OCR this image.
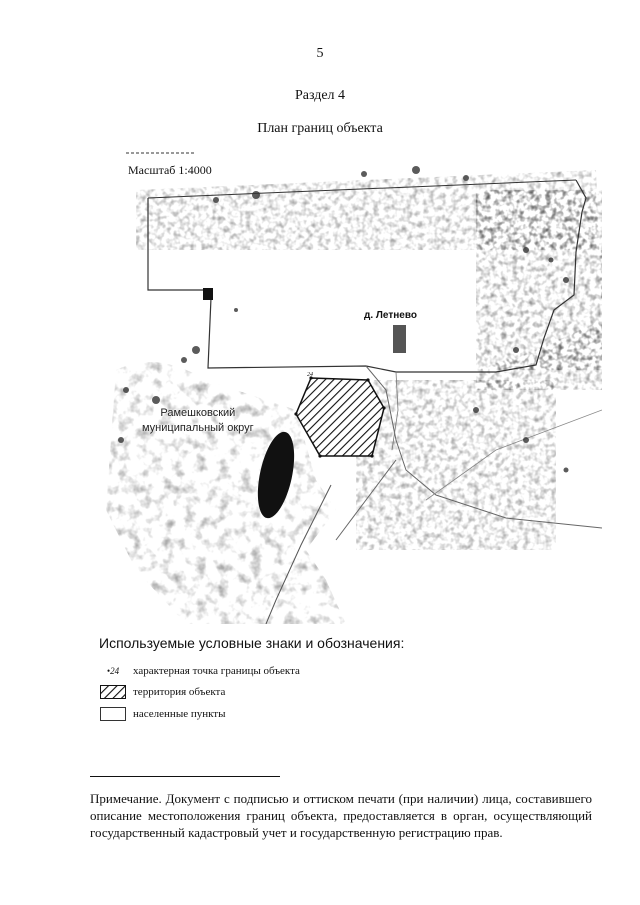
5
Раздел 4
План границ объекта
24
Масштаб 1:4000
д. Летнево
Рамешковский
муниципальный округ
Используемые условные знаки и обозначения:
•24 характерная точка границы объекта
территория объекта
населенные пункты
Примечание. Документ с подписью и оттиском печати (при наличии) лица, составившего описание местоположения границ объекта, предоставляется в орган, осуществляющий государственный кадастровый учет и государственную регистрацию прав.
